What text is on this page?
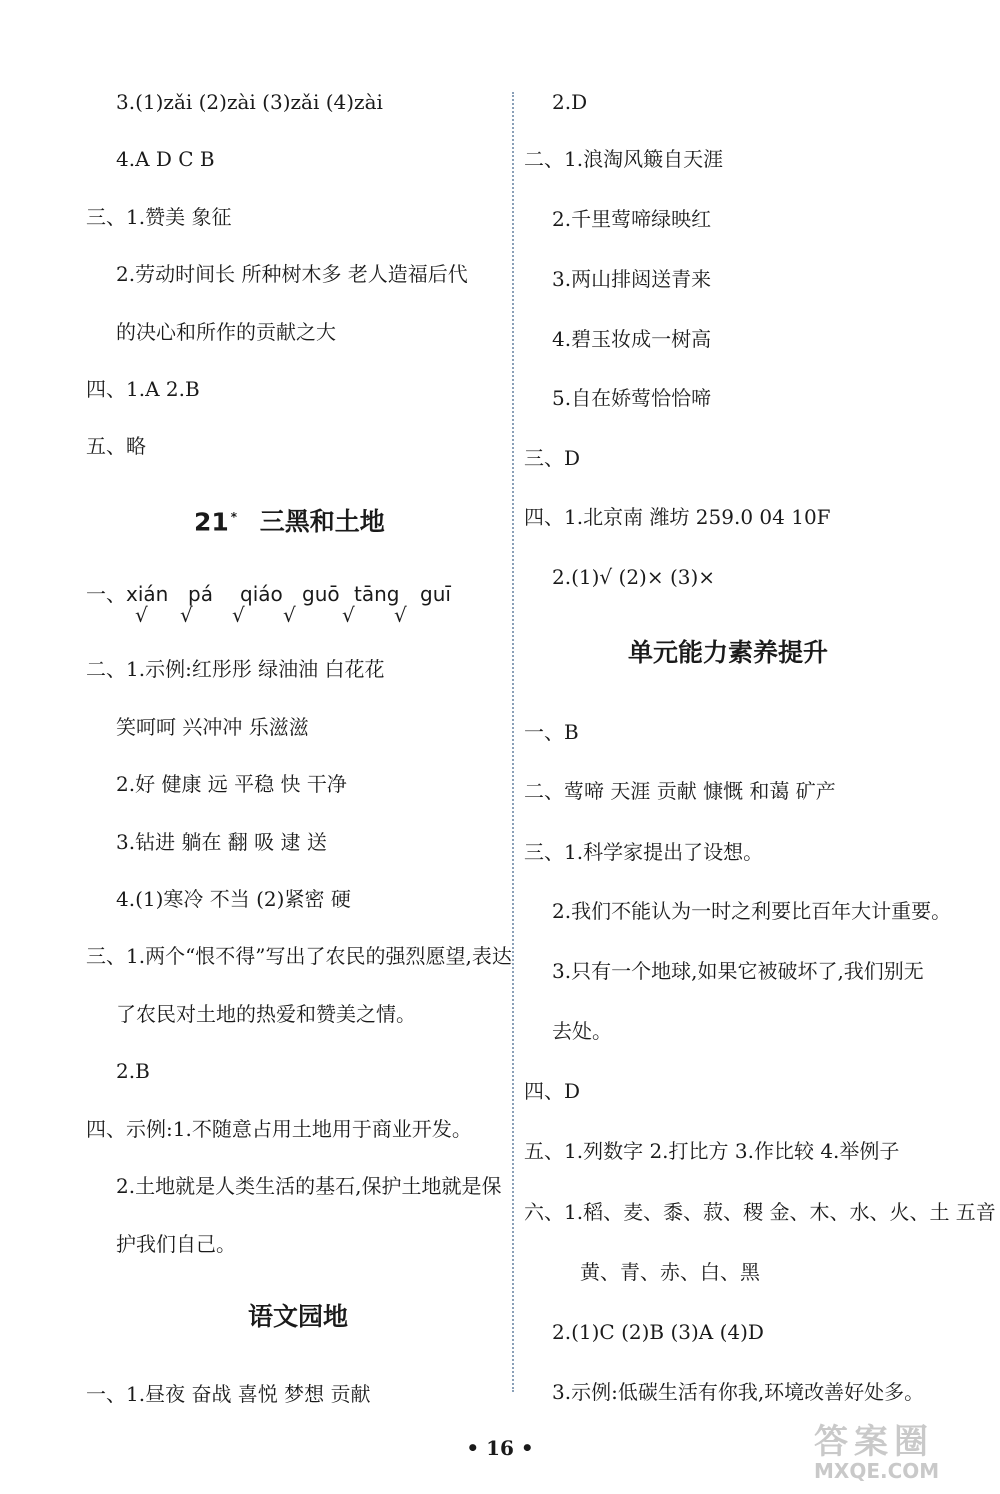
3.(1)zǎi (2)zài (3)zǎi (4)zài
4.A D C B
三、1.赞美 象征
2.劳动时间长 所种树木多 老人造福后代
的决心和所作的贡献之大
四、1.A 2.B
五、略
21 * 三黑和土地
一、xián pá qiáo guō tāng guī
√ √ √ √ √ √
二、1.示例:红彤彤 绿油油 白花花
笑呵呵 兴冲冲 乐滋滋
2.好 健康 远 平稳 快 干净
3.钻进 躺在 翻 吸 逮 送
4.(1)寒冷 不当 (2)紧密 硬
三、1.两个“恨不得”写出了农民的强烈愿望,表达
了农民对土地的热爱和赞美之情。
2.B
四、示例:1.不随意占用土地用于商业开发。
2.土地就是人类生活的基石,保护土地就是保
护我们自己。
语文园地
一、1.昼夜 奋战 喜悦 梦想 贡献
2.D
二、1.浪淘风簸自天涯
2.千里莺啼绿映红
3.两山排闼送青来
4.碧玉妆成一树高
5.自在娇莺恰恰啼
三、D
四、1.北京南 潍坊 259.0 04 10F
2.(1)√ (2)× (3)×
单元能力素养提升
一、B
二、莺啼 天涯 贡献 慷慨 和蔼 矿产
三、1.科学家提出了设想。
2.我们不能认为一时之利要比百年大计重要。
3.只有一个地球,如果它被破坏了,我们别无
去处。
四、D
五、1.列数字 2.打比方 3.作比较 4.举例子
六、1.稻、麦、黍、菽、稷 金、木、水、火、土 五音
黄、青、赤、白、黑
2.(1)C (2)B (3)A (4)D
3.示例:低碳生活有你我,环境改善好处多。
• 16 •	答案圈
MXQE.COM
